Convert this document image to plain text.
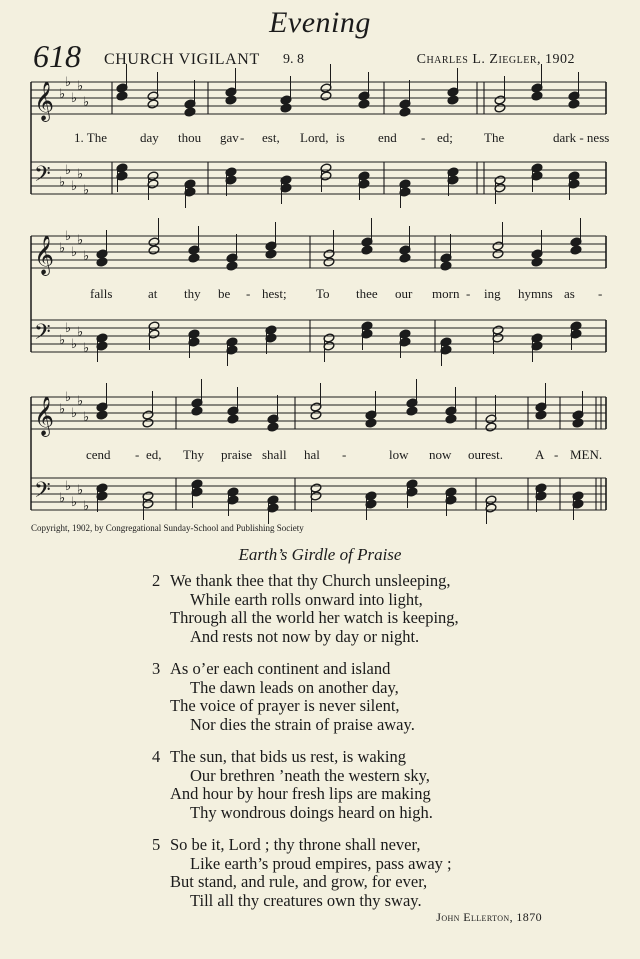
Evening
618 CHURCH VIGILANT 9. 8	Charles L. Ziegler, 1902
𝄞 ♭
♭
♭
♭
♭

𝄢 ♭
♭
♭
♭
♭

𝄞 ♭
♭
♭
♭
♭
𝄢 ♭
♭
♭
♭
♭
𝄞 ♭
♭
♭
♭
♭
𝄢 ♭
♭
♭
♭
♭

1. The	day thou gav - est, Lord, is	end - ed; The	dark - ness
falls	at thy be - hest; To thee our morn - ing hymns as -
cend - ed, Thy praise shall hal -	low now our
rest. A - MEN.
Copyright, 1902, by Congregational Sunday-School and Publishing Society
Earth’s Girdle of Praise
2 We thank thee that thy Church unsleeping,
While earth rolls onward into light,
Through all the world her watch is keeping,
And rests not now by day or night.
3 As o’er each continent and island
The dawn leads on another day,
The voice of prayer is never silent,
Nor dies the strain of praise away.
4 The sun, that bids us rest, is waking
Our brethren ’neath the western sky,
And hour by hour fresh lips are making
Thy wondrous doings heard on high.
5 So be it, Lord ; thy throne shall never,
Like earth’s proud empires, pass away ;
But stand, and rule, and grow, for ever,
Till all thy creatures own thy sway.
John Ellerton, 1870
